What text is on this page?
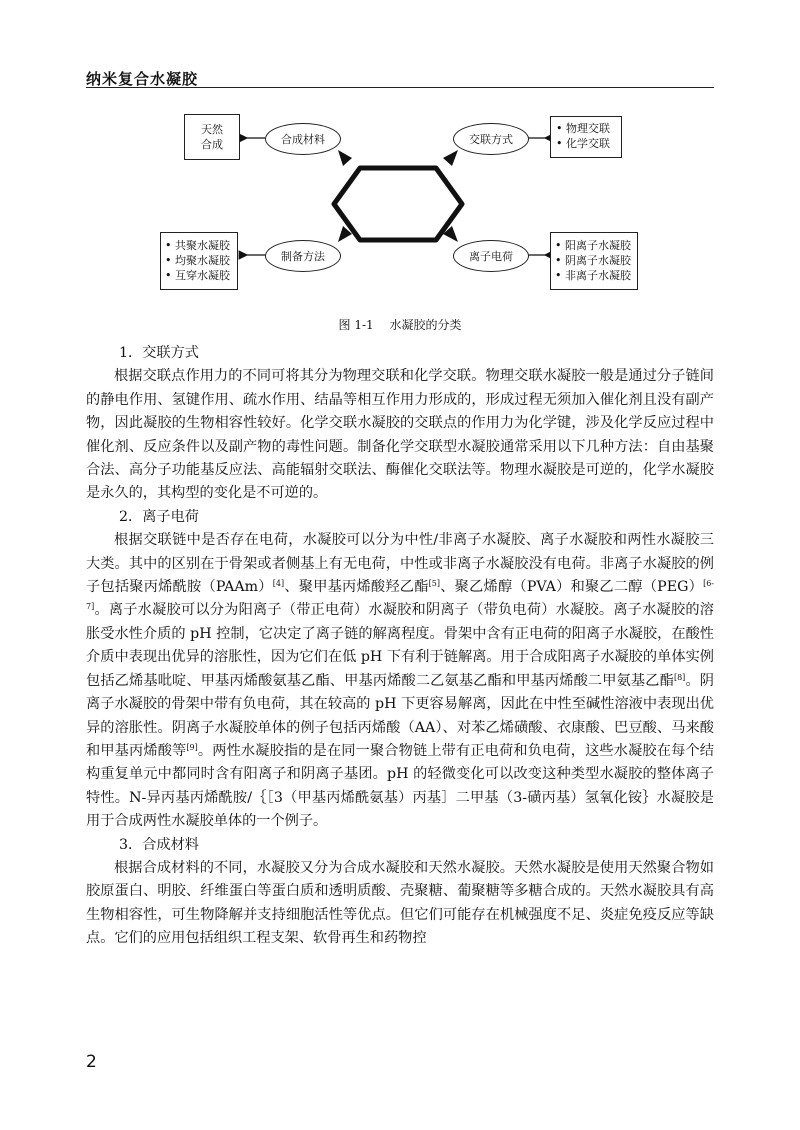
纳米复合水凝胶
天然
合成	合成材料	交联方式
• 物理交联
• 化学交联
• 共聚水凝胶
• 均聚水凝胶
• 互穿水凝胶
制备方法	离子电荷
• 阳离子水凝胶
• 阴离子水凝胶
• 非离子水凝胶
图 1-1 水凝胶的分类
1．交联方式
根据交联点作用力的不同可将其分为物理交联和化学交联。物理交联水凝胶一般是通过分子链间的静电作用、氢键作用、疏水作用、结晶等相互作用力形成的，形成过程无须加入催化剂且没有副产物，因此凝胶的生物相容性较好。化学交联水凝胶的交联点的作用力为化学键，涉及化学反应过程中催化剂、反应条件以及副产物的毒性问题。制备化学交联型水凝胶通常采用以下几种方法：自由基聚合法、高分子功能基反应法、高能辐射交联法、酶催化交联法等。物理水凝胶是可逆的，化学水凝胶是永久的，其构型的变化是不可逆的。
2．离子电荷
根据交联链中是否存在电荷，水凝胶可以分为中性/非离子水凝胶、离子水凝胶和两性水凝胶三大类。其中的区别在于骨架或者侧基上有无电荷，中性或非离子水凝胶没有电荷。非离子水凝胶的例子包括聚丙烯酰胺（PAAm）[4]、聚甲基丙烯酸羟乙酯[5]、聚乙烯醇（PVA）和聚乙二醇（PEG）[6-7]。离子水凝胶可以分为阳离子（带正电荷）水凝胶和阴离子（带负电荷）水凝胶。离子水凝胶的溶胀受水性介质的 pH 控制，它决定了离子链的解离程度。骨架中含有正电荷的阳离子水凝胶，在酸性介质中表现出优异的溶胀性，因为它们在低 pH 下有利于链解离。用于合成阳离子水凝胶的单体实例包括乙烯基吡啶、甲基丙烯酸氨基乙酯、甲基丙烯酸二乙氨基乙酯和甲基丙烯酸二甲氨基乙酯[8]。阴离子水凝胶的骨架中带有负电荷，其在较高的 pH 下更容易解离，因此在中性至碱性溶液中表现出优异的溶胀性。阴离子水凝胶单体的例子包括丙烯酸（AA）、对苯乙烯磺酸、衣康酸、巴豆酸、马来酸和甲基丙烯酸等[9]。两性水凝胶指的是在同一聚合物链上带有正电荷和负电荷，这些水凝胶在每个结构重复单元中都同时含有阳离子和阴离子基团。pH 的轻微变化可以改变这种类型水凝胶的整体离子特性。N-异丙基丙烯酰胺/｛［3（甲基丙烯酰氨基）丙基］二甲基（3-磺丙基）氢氧化铵｝水凝胶是用于合成两性水凝胶单体的一个例子。
3．合成材料
根据合成材料的不同，水凝胶又分为合成水凝胶和天然水凝胶。天然水凝胶是使用天然聚合物如胶原蛋白、明胶、纤维蛋白等蛋白质和透明质酸、壳聚糖、葡聚糖等多糖合成的。天然水凝胶具有高生物相容性，可生物降解并支持细胞活性等优点。但它们可能存在机械强度不足、炎症免疫反应等缺点。它们的应用包括组织工程支架、软骨再生和药物控
2
